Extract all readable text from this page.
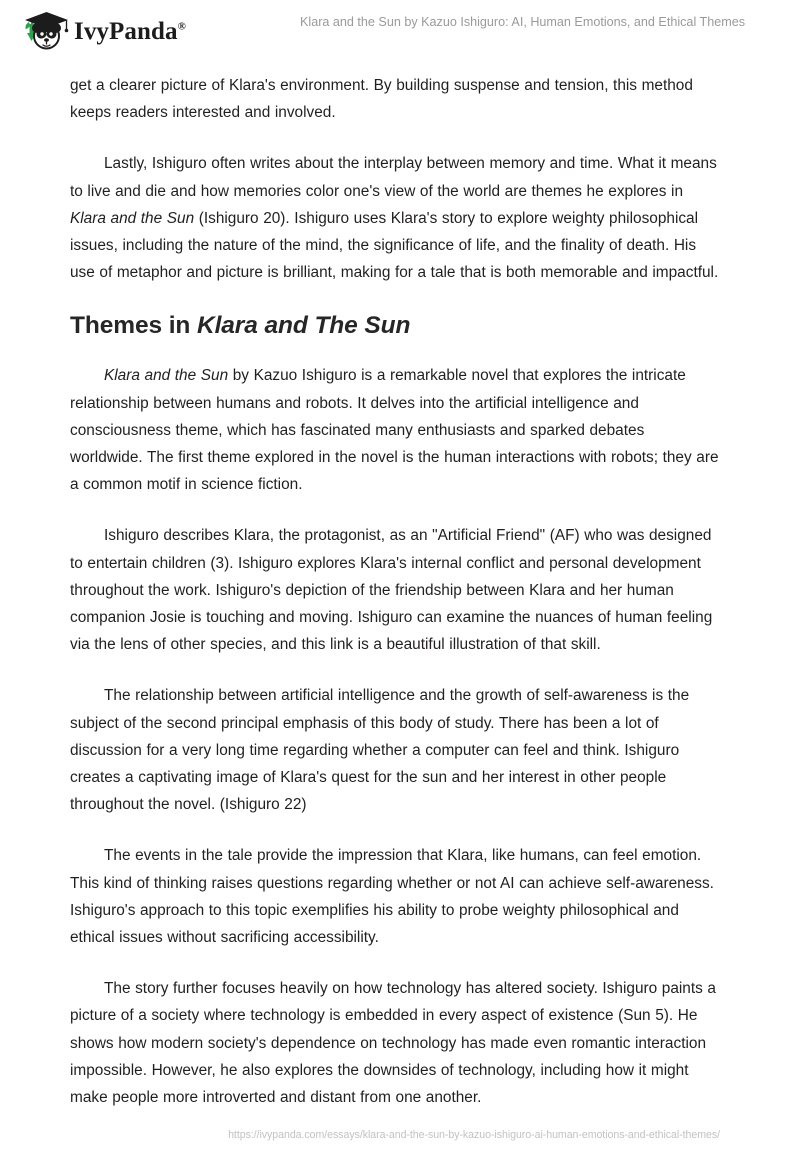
IvyPanda®	Klara and the Sun by Kazuo Ishiguro: AI, Human Emotions, and Ethical Themes

get a clearer picture of Klara's environment. By building suspense and tension, this method keeps readers interested and involved.

Lastly, Ishiguro often writes about the interplay between memory and time. What it means to live and die and how memories color one's view of the world are themes he explores in Klara and the Sun (Ishiguro 20). Ishiguro uses Klara's story to explore weighty philosophical issues, including the nature of the mind, the significance of life, and the finality of death. His use of metaphor and picture is brilliant, making for a tale that is both memorable and impactful.

Themes in Klara and The Sun

Klara and the Sun by Kazuo Ishiguro is a remarkable novel that explores the intricate relationship between humans and robots. It delves into the artificial intelligence and consciousness theme, which has fascinated many enthusiasts and sparked debates worldwide. The first theme explored in the novel is the human interactions with robots; they are a common motif in science fiction.

Ishiguro describes Klara, the protagonist, as an "Artificial Friend" (AF) who was designed to entertain children (3). Ishiguro explores Klara's internal conflict and personal development throughout the work. Ishiguro's depiction of the friendship between Klara and her human companion Josie is touching and moving. Ishiguro can examine the nuances of human feeling via the lens of other species, and this link is a beautiful illustration of that skill.

The relationship between artificial intelligence and the growth of self-awareness is the subject of the second principal emphasis of this body of study. There has been a lot of discussion for a very long time regarding whether a computer can feel and think. Ishiguro creates a captivating image of Klara's quest for the sun and her interest in other people throughout the novel. (Ishiguro 22)

The events in the tale provide the impression that Klara, like humans, can feel emotion. This kind of thinking raises questions regarding whether or not AI can achieve self-awareness. Ishiguro's approach to this topic exemplifies his ability to probe weighty philosophical and ethical issues without sacrificing accessibility.

The story further focuses heavily on how technology has altered society. Ishiguro paints a picture of a society where technology is embedded in every aspect of existence (Sun 5). He shows how modern society's dependence on technology has made even romantic interaction impossible. However, he also explores the downsides of technology, including how it might make people more introverted and distant from one another.

https://ivypanda.com/essays/klara-and-the-sun-by-kazuo-ishiguro-ai-human-emotions-and-ethical-themes/
